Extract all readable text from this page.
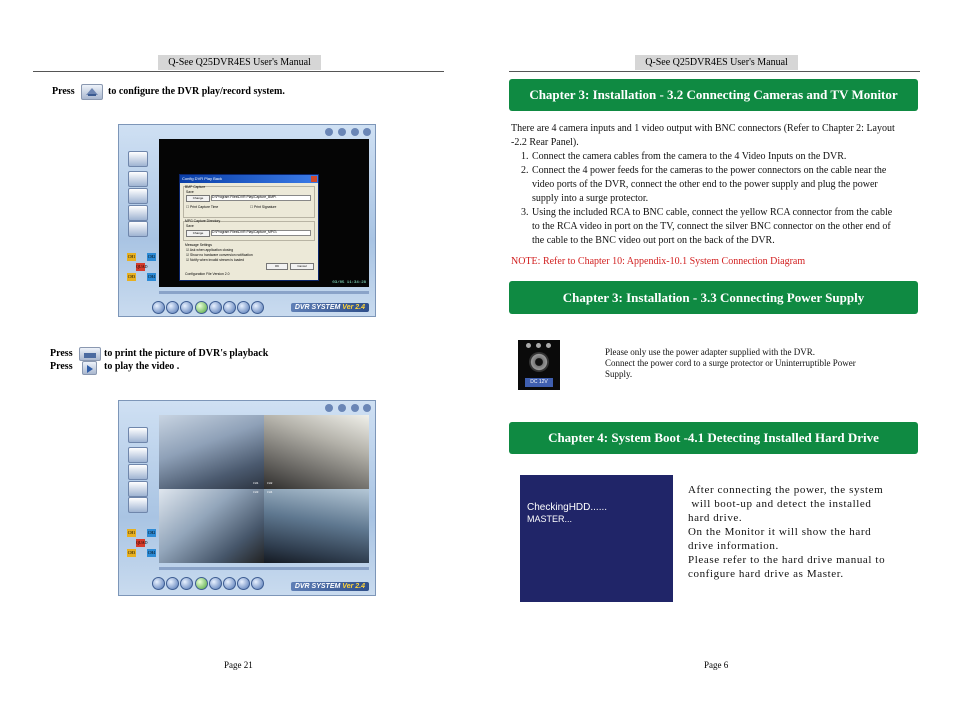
Q-See Q25DVR4ES User's Manual
Press	to configure the DVR play/record system.
CH1	CH2
QUAD
CH3	CH4
Config DVR Play Back
BMP Capture
Save
Change	D:\Program Files\DVR Play\Capture_BMP\
☐ Print Capture Time	☐ Print Signature
MPG Capture Directory
Save
Change	D:\Program Files\DVR Play\Capture_MPG\
Message Settings
☑ Ask when application closing
☑ Show no hardware conversion notification
☑ Notify when invalid stream is loaded
OK	Cancel
Configuration File Version 2.0
03/05 11:34:28
DVR SYSTEM Ver 2.4
Press	to print the picture of DVR's playback
Press	to play the video .
CH1	CH2
QUAD
CH3	CH4
CH1	CH2
CH3	CH4
DVR SYSTEM Ver 2.4
Page 21
Q-See Q25DVR4ES User's Manual
Chapter 3: Installation - 3.2 Connecting Cameras and TV Monitor
There are 4 camera inputs and 1 video output with BNC connectors (Refer to Chapter 2: Layout
-2.2 Rear Panel).
1. Connect the camera cables from the camera to the 4 Video Inputs on the DVR.
2. Connect the 4 power feeds for the cameras to the power connectors on the cable near the
video ports of the DVR, connect the other end to the power supply and plug the power
supply into a surge protector.
3. Using the included RCA to BNC cable, connect the yellow RCA connector from the cable
to the RCA video in port on the TV, connect the silver BNC connector on the other end of
the cable to the BNC video out port on the back of the DVR.
NOTE: Refer to Chapter 10: Appendix-10.1 System Connection Diagram
Chapter 3: Installation - 3.3 Connecting Power Supply
DC 12V
Please only use the power adapter supplied with the DVR.
Connect the power cord to a surge protector or Uninterruptible Power
Supply.
Chapter 4: System Boot -4.1 Detecting Installed Hard Drive
CheckingHDD......
MASTER...
After connecting the power, the system
will boot-up and detect the installed
hard drive.
On the Monitor it will show the hard
drive information.
Please refer to the hard drive manual to
configure hard drive as Master.
Page 6
